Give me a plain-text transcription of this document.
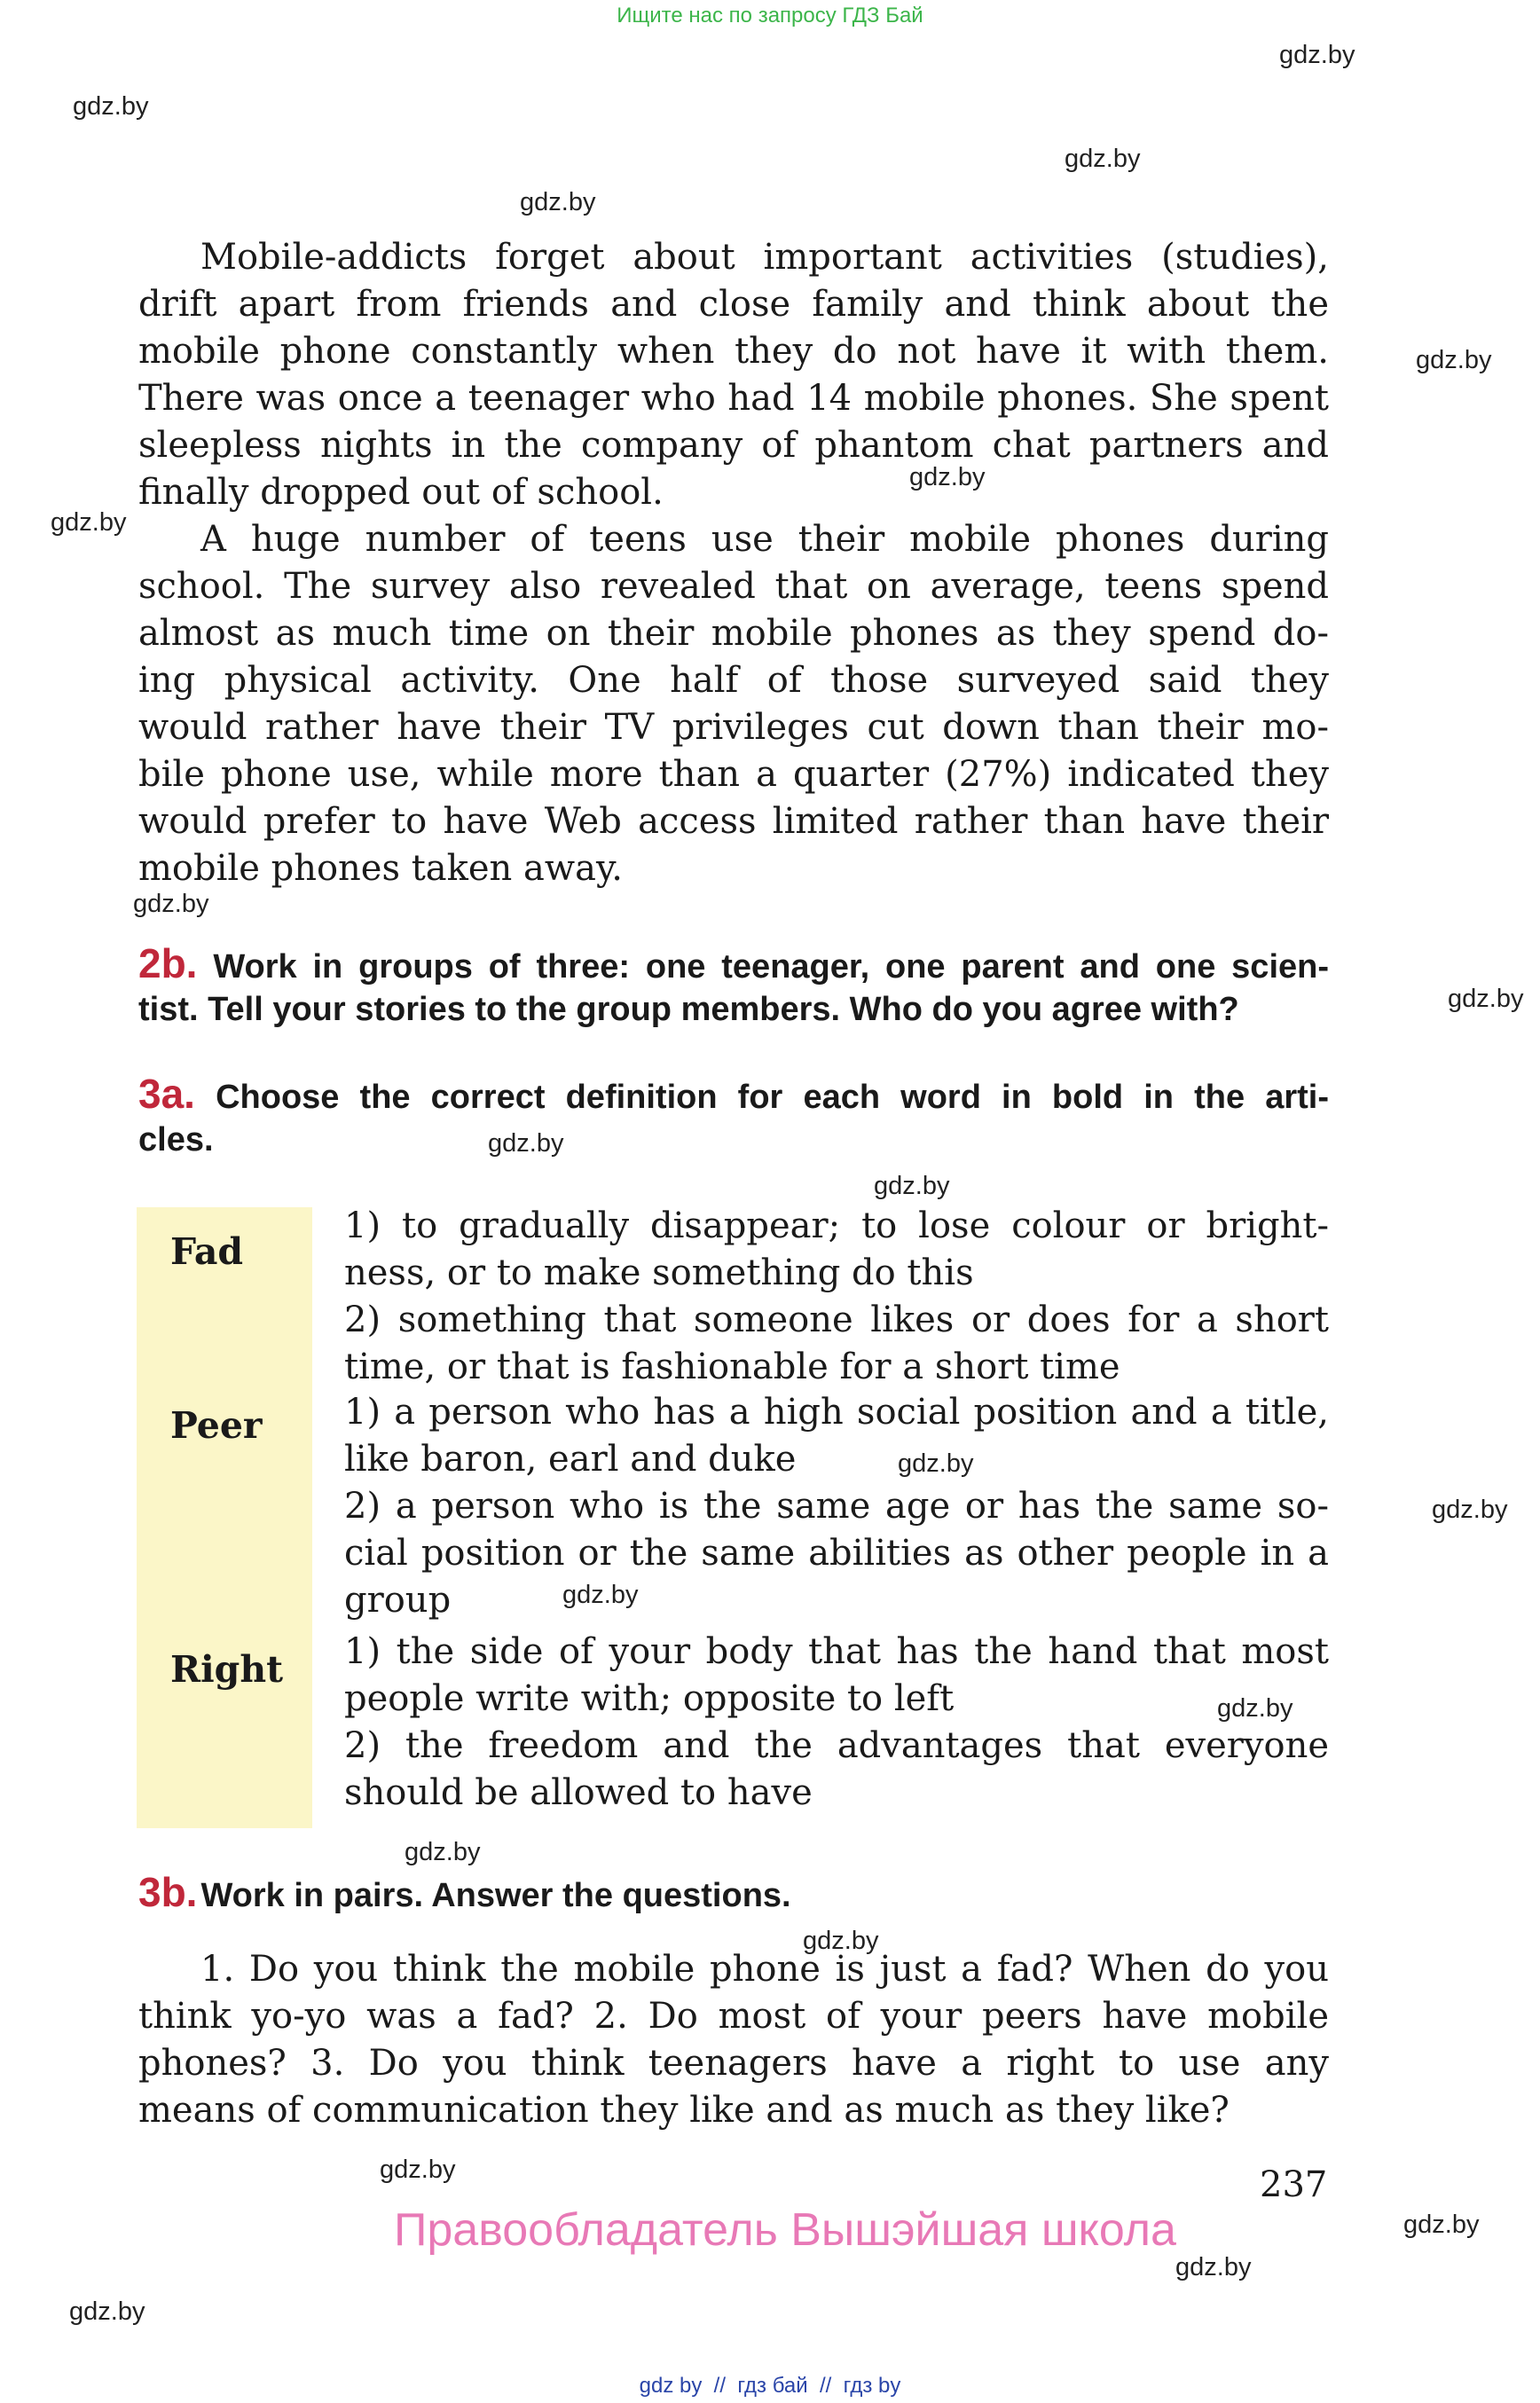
Ищите нас по запросу ГДЗ Бай
gdz.by
gdz.by
gdz.by
gdz.by
gdz.by
gdz.by
gdz.by
gdz.by
gdz.by
gdz.by
gdz.by
gdz.by
gdz.by
gdz.by
gdz.by
gdz.by
gdz.by
gdz.by
gdz.by
gdz.by
gdz.by
Mobile-addicts forget about important activities (studies),
drift apart from friends and close family and think about the
mobile phone constantly when they do not have it with them.
There was once a teenager who had 14 mobile phones. She spent
sleepless nights in the company of phantom chat partners and
finally dropped out of school.
A huge number of teens use their mobile phones during
school. The survey also revealed that on average, teens spend
almost as much time on their mobile phones as they spend do-
ing physical activity. One half of those surveyed said they
would rather have their TV privileges cut down than their mo-
bile phone use, while more than a quarter (27%) indicated they
would prefer to have Web access limited rather than have their
mobile phones taken away.
2b. Work in groups of three: one teenager, one parent and one scien-
tist. Tell your stories to the group members. Who do you agree with?
3a. Choose the correct definition for each word in bold in the arti-
cles.
Fad
Peer
Right
1) to gradually disappear; to lose colour or bright-
ness, or to make something do this
2) something that someone likes or does for a short
time, or that is fashionable for a short time
1) a person who has a high social position and a title,
like baron, earl and duke
2) a person who is the same age or has the same so-
cial position or the same abilities as other people in a
group
1) the side of your body that has the hand that most
people write with; opposite to left
2) the freedom and the advantages that everyone
should be allowed to have
3b. Work in pairs. Answer the questions.
1. Do you think the mobile phone is just a fad? When do you
think yo-yo was a fad? 2. Do most of your peers have mobile
phones? 3. Do you think teenagers have a right to use any
means of communication they like and as much as they like?
237
Правообладатель Вышэйшая школа
gdz by  //  гдз бай  //  гдз by
